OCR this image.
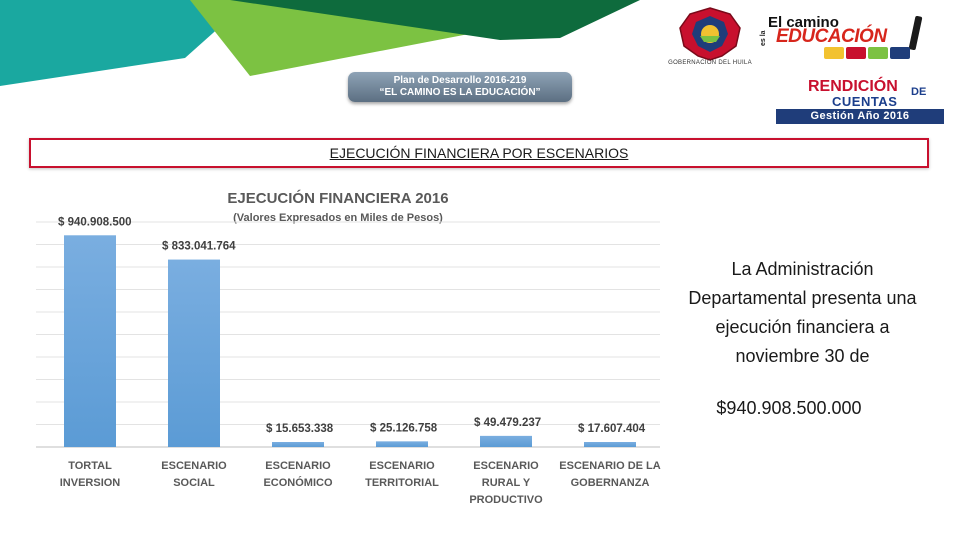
Plan de Desarrollo 2016-219
“EL CAMINO ES LA EDUCACIÓN”
GOBERNACIÓN DEL HUILA
El camino
es la EDUCACIÓN
RENDICIÓN DE
CUENTAS
Gestión Año 2016
EJECUCIÓN FINANCIERA POR ESCENARIOS
EJECUCIÓN FINANCIERA 2016
(Valores Expresados en Miles de Pesos)
$ 940.908.500
$ 833.041.764
$ 15.653.338	$ 25.126.758	$ 49.479.237
$ 17.607.404
TORTAL
INVERSION
ESCENARIO
SOCIAL
ESCENARIO
ECONÓMICO
ESCENARIO
TERRITORIAL
ESCENARIO
RURAL Y
PRODUCTIVO
ESCENARIO DE LA
GOBERNANZA
La Administración Departamental presenta una ejecución financiera a noviembre 30 de
$940.908.500.000
